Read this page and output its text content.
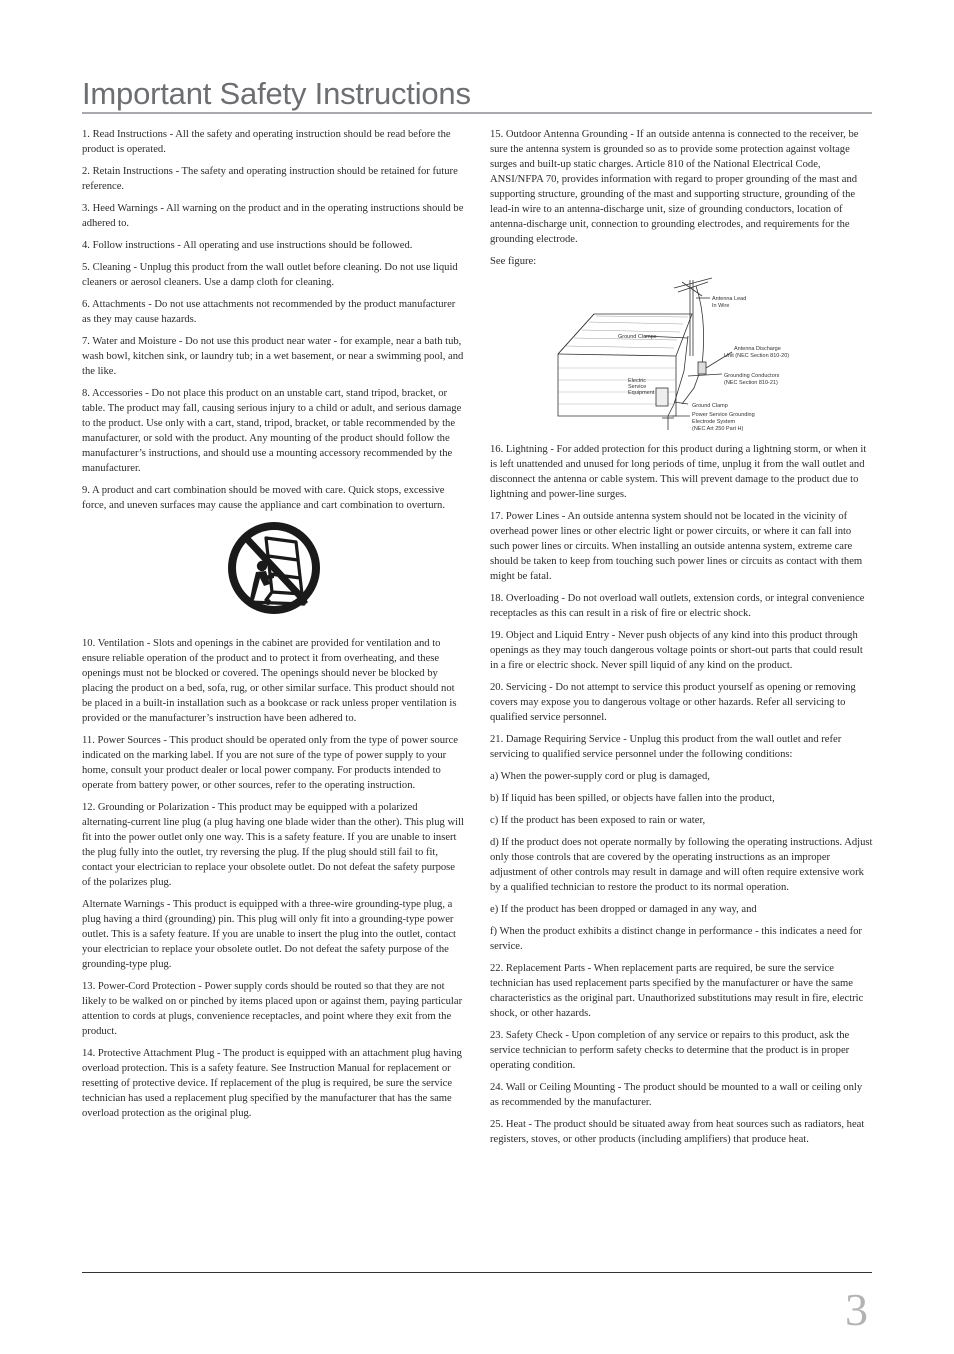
Important Safety Instructions

1. Read Instructions - All the safety and operating instruction should be read before the product is operated.

2. Retain Instructions - The safety and operating instruction should be retained for future reference.

3. Heed Warnings - All warning on the product and in the operating instructions should be adhered to.

4. Follow instructions - All operating and use instructions should be followed.

5. Cleaning - Unplug this product from the wall outlet before cleaning. Do not use liquid cleaners or aerosol cleaners. Use a damp cloth for cleaning.

6. Attachments - Do not use attachments not recommended by the product manufacturer as they may cause hazards.

7. Water and Moisture - Do not use this product near water - for example, near a bath tub, wash bowl, kitchen sink, or laundry tub; in a wet basement, or near a swimming pool, and the like.

8. Accessories - Do not place this product on an unstable cart, stand tripod, bracket, or table. The product may fall, causing serious injury to a child or adult, and serious damage to the product. Use only with a cart, stand, tripod, bracket, or table recommended by the manufacturer, or sold with the product. Any mounting of the product should follow the manufacturer’s instructions, and should use a mounting accessory recommended by the manufacturer.

9. A product and cart combination should be moved with care. Quick stops, excessive force, and uneven surfaces may cause the appliance and cart combination to overturn.

10. Ventilation - Slots and openings in the cabinet are provided for ventilation and to ensure reliable operation of the product and to protect it from overheating, and these openings must not be blocked or covered. The openings should never be blocked by placing the product on a bed, sofa, rug, or other similar surface. This product should not be placed in a built-in installation such as a bookcase or rack unless proper ventilation is provided or the manufacturer’s instruction have been adhered to.

11. Power Sources - This product should be operated only from the type of power source indicated on the marking label. If you are not sure of the type of power supply to your home, consult your product dealer or local power company. For products intended to operate from battery power, or other sources, refer to the operating instruction.

12. Grounding or Polarization - This product may be equipped with a polarized alternating-current line plug (a plug having one blade wider than the other). This plug will fit into the power outlet only one way. This is a safety feature. If you are unable to insert the plug fully into the outlet, try reversing the plug. If the plug should still fail to fit, contact your electrician to replace your obsolete outlet. Do not defeat the safety purpose of the polarizes plug.

Alternate Warnings - This product is equipped with a three-wire grounding-type plug, a plug having a third (grounding) pin. This plug will only fit into a grounding-type power outlet. This is a safety feature. If you are unable to insert the plug into the outlet, contact your electrician to replace your obsolete outlet. Do not defeat the safety purpose of the grounding-type plug.

13. Power-Cord Protection - Power supply cords should be routed so that they are not likely to be walked on or pinched by items placed upon or against them, paying particular attention to cords at plugs, convenience receptacles, and point where they exit from the product.

14. Protective Attachment Plug - The product is equipped with an attachment plug having overload protection. This is a safety feature. See Instruction Manual for replacement or resetting of protective device. If replacement of the plug is required, be sure the service technician has used a replacement plug specified by the manufacturer that has the same overload protection as the original plug.

15. Outdoor Antenna Grounding - If an outside antenna is connected to the receiver, be sure the antenna system is grounded so as to provide some protection against voltage surges and built-up static charges. Article 810 of the National Electrical Code, ANSI/NFPA 70, provides information with regard to proper grounding of the mast and supporting structure, grounding of the mast and supporting structure, grounding of the lead-in wire to an antenna-discharge unit, size of grounding conductors, location of antenna-discharge unit, connection to grounding electrodes, and requirements for the grounding electrode.

See figure:

Antenna Lead
In Wire
Ground Clamps
Antenna Discharge
Unit (NEC Section 810-20)
Grounding Conductors
(NEC Section 810-21)
Electric
Service
Equipment
Ground Clamp
Power Service Grounding
Electrode System
(NEC Art 250 Part H)

16. Lightning - For added protection for this product during a lightning storm, or when it is left unattended and unused for long periods of time, unplug it from the wall outlet and disconnect the antenna or cable system. This will prevent damage to the product due to lightning and power-line surges.

17. Power Lines - An outside antenna system should not be located in the vicinity of overhead power lines or other electric light or power circuits, or where it can fall into such power lines or circuits. When installing an outside antenna system, extreme care should be taken to keep from touching such power lines or circuits as contact with them might be fatal.

18. Overloading - Do not overload wall outlets, extension cords, or integral convenience receptacles as this can result in a risk of fire or electric shock.

19. Object and Liquid Entry - Never push objects of any kind into this product through openings as they may touch dangerous voltage points or short-out parts that could result in a fire or electric shock. Never spill liquid of any kind on the product.

20. Servicing - Do not attempt to service this product yourself as opening or removing covers may expose you to dangerous voltage or other hazards. Refer all servicing to qualified service personnel.

21. Damage Requiring Service - Unplug this product from the wall outlet and refer servicing to qualified service personnel under the following conditions:

a) When the power-supply cord or plug is damaged,

b) If liquid has been spilled, or objects have fallen into the product,

c) If the product has been exposed to rain or water,

d) If the product does not operate normally by following the operating instructions. Adjust only those controls that are covered by the operating instructions as an improper adjustment of other controls may result in damage and will often require extensive work by a qualified technician to restore the product to its normal operation.

e) If the product has been dropped or damaged in any way, and

f) When the product exhibits a distinct change in performance - this indicates a need for service.

22. Replacement Parts - When replacement parts are required, be sure the service technician has used replacement parts specified by the manufacturer or have the same characteristics as the original part. Unauthorized substitutions may result in fire, electric shock, or other hazards.

23. Safety Check - Upon completion of any service or repairs to this product, ask the service technician to perform safety checks to determine that the product is in proper operating condition.

24. Wall or Ceiling Mounting - The product should be mounted to a wall or ceiling only as recommended by the manufacturer.

25. Heat - The product should be situated away from heat sources such as radiators, heat registers, stoves, or other products (including amplifiers) that produce heat.

3
